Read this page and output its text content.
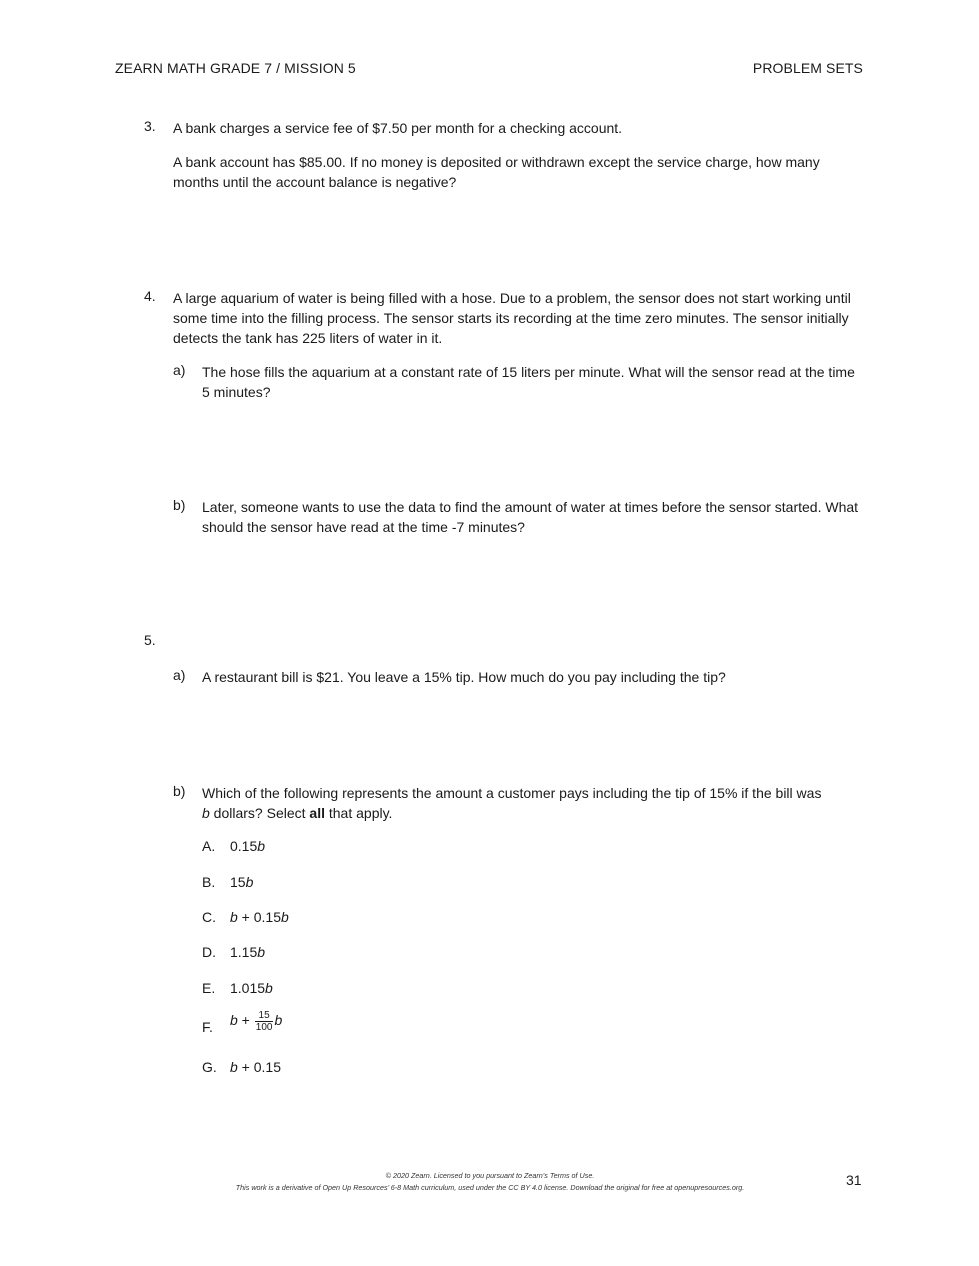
ZEARN MATH GRADE 7 / MISSION 5	PROBLEM SETS
3. A bank charges a service fee of $7.50 per month for a checking account.
A bank account has $85.00. If no money is deposited or withdrawn except the service charge, how many months until the account balance is negative?
4. A large aquarium of water is being filled with a hose. Due to a problem, the sensor does not start working until some time into the filling process. The sensor starts its recording at the time zero minutes. The sensor initially detects the tank has 225 liters of water in it.
a) The hose fills the aquarium at a constant rate of 15 liters per minute. What will the sensor read at the time 5 minutes?
b) Later, someone wants to use the data to find the amount of water at times before the sensor started. What should the sensor have read at the time -7 minutes?
5.
a) A restaurant bill is $21. You leave a 15% tip. How much do you pay including the tip?
b) Which of the following represents the amount a customer pays including the tip of 15% if the bill was
b dollars? Select all that apply.
A. 0.15b
B. 15b
C. b + 0.15b
D. 1.15b
E. 1.015b
F. $b + \frac{15}{100}$ b
G. b + 0.15
© 2020 Zearn. Licensed to you pursuant to Zearn’s Terms of Use.
This work is a derivative of Open Up Resources’ 6-8 Math curriculum, used under the CC BY 4.0 license. Download the original for free at openupresources.org.	31
